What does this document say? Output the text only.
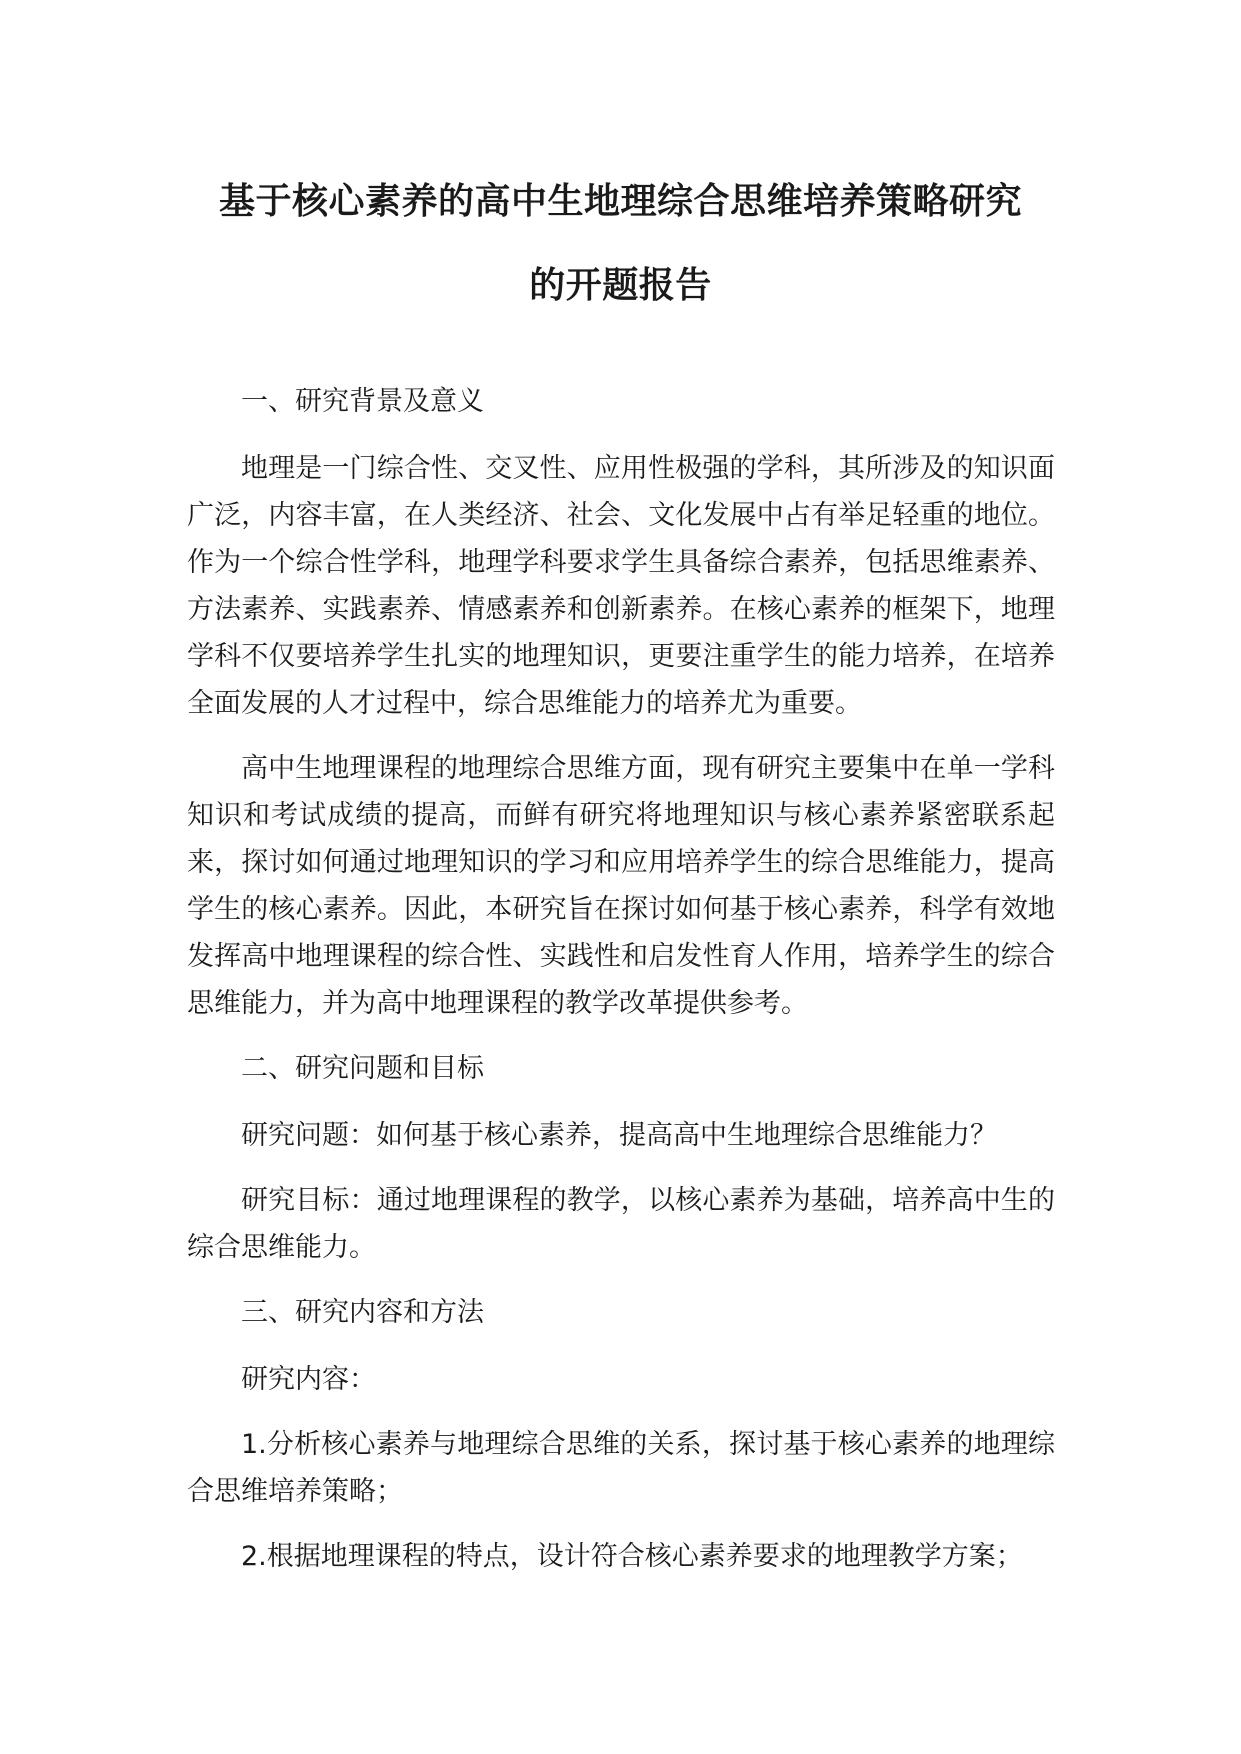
基于核心素养的高中生地理综合思维培养策略研究
的开题报告

一、研究背景及意义

地理是一门综合性、交叉性、应用性极强的学科，其所涉及的知识面广泛，内容丰富，在人类经济、社会、文化发展中占有举足轻重的地位。作为一个综合性学科，地理学科要求学生具备综合素养，包括思维素养、方法素养、实践素养、情感素养和创新素养。在核心素养的框架下，地理学科不仅要培养学生扎实的地理知识，更要注重学生的能力培养，在培养全面发展的人才过程中，综合思维能力的培养尤为重要。

高中生地理课程的地理综合思维方面，现有研究主要集中在单一学科知识和考试成绩的提高，而鲜有研究将地理知识与核心素养紧密联系起来，探讨如何通过地理知识的学习和应用培养学生的综合思维能力，提高学生的核心素养。因此，本研究旨在探讨如何基于核心素养，科学有效地发挥高中地理课程的综合性、实践性和启发性育人作用，培养学生的综合思维能力，并为高中地理课程的教学改革提供参考。

二、研究问题和目标

研究问题：如何基于核心素养，提高高中生地理综合思维能力？

研究目标：通过地理课程的教学，以核心素养为基础，培养高中生的综合思维能力。

三、研究内容和方法

研究内容：

1.分析核心素养与地理综合思维的关系，探讨基于核心素养的地理综合思维培养策略；

2.根据地理课程的特点，设计符合核心素养要求的地理教学方案；
